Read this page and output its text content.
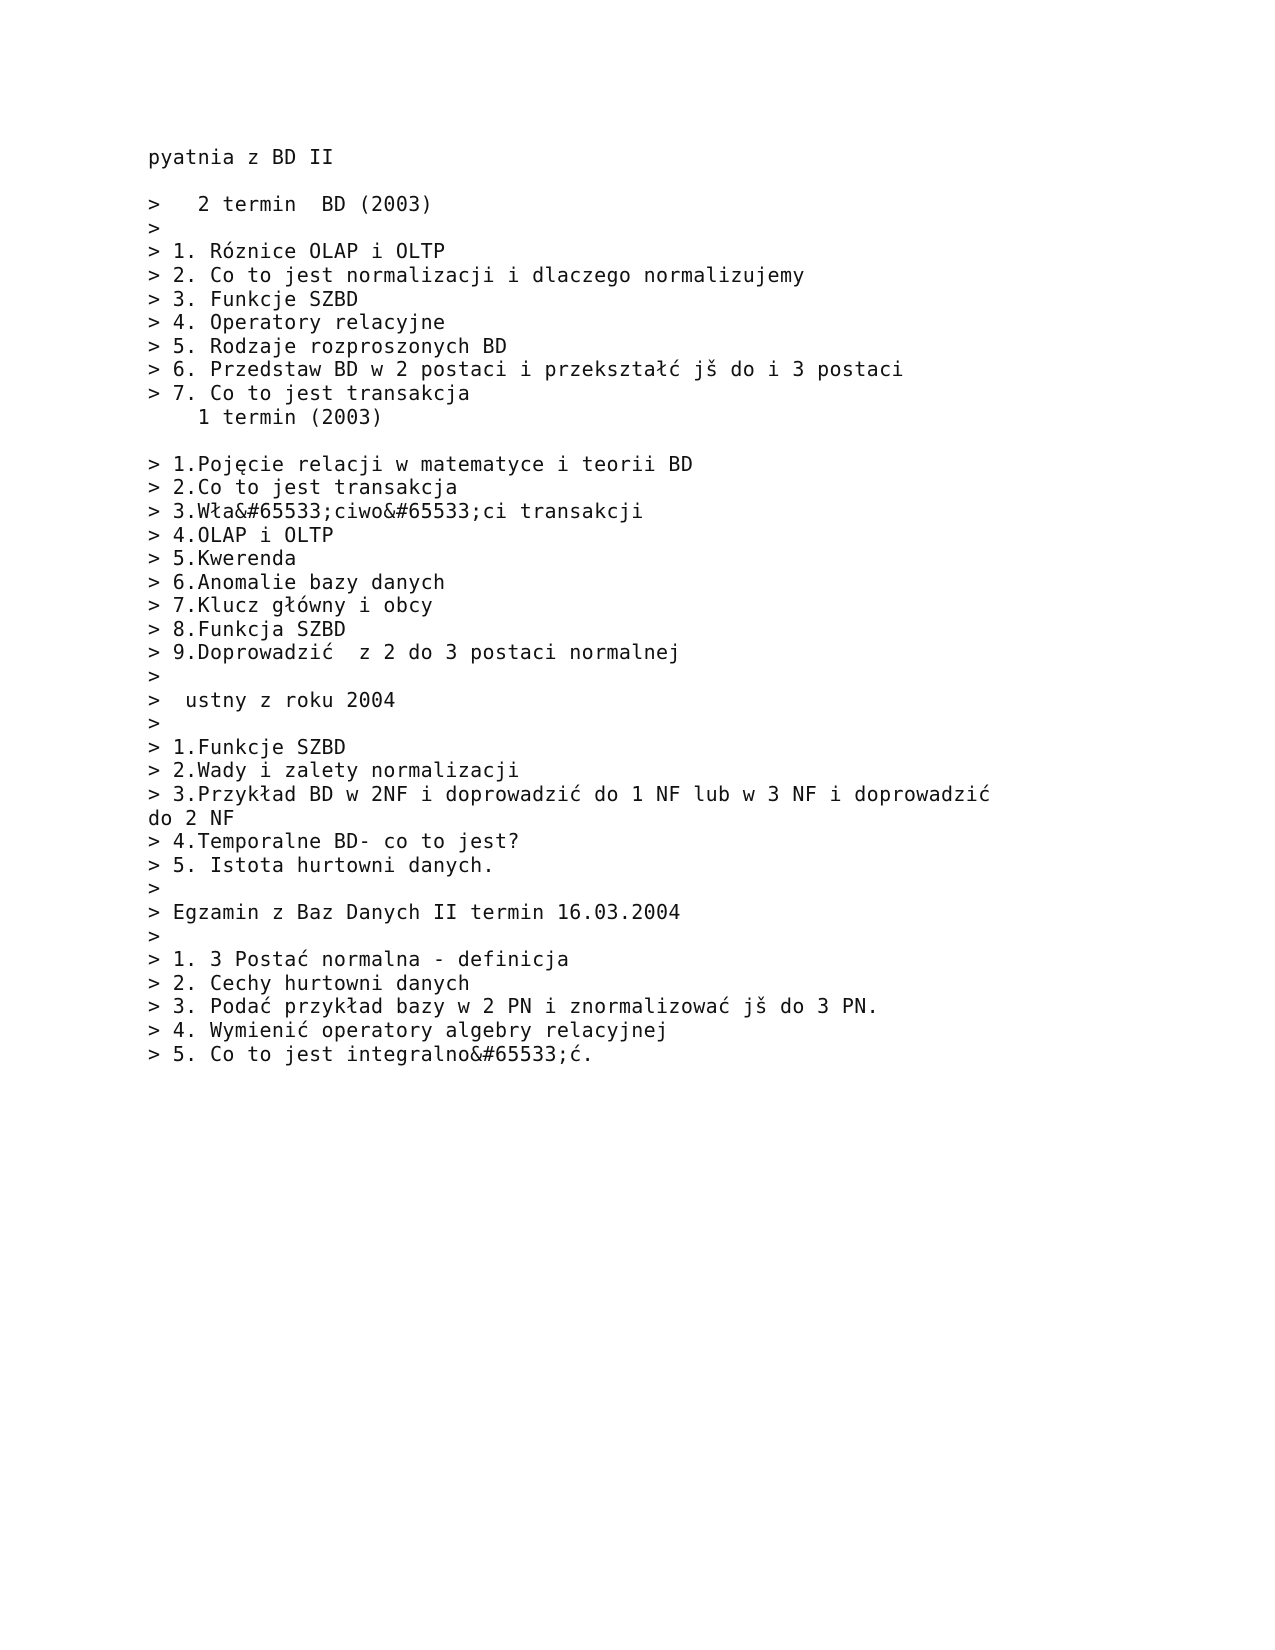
pyatnia z BD II
>   2 termin  BD (2003)
>
> 1. Róznice OLAP i OLTP
> 2. Co to jest normalizacji i dlaczego normalizujemy
> 3. Funkcje SZBD
> 4. Operatory relacyjne
> 5. Rodzaje rozproszonych BD
> 6. Przedstaw BD w 2 postaci i przekształć jš do i 3 postaci
> 7. Co to jest transakcja
1 termin (2003)
> 1.Pojęcie relacji w matematyce i teorii BD
> 2.Co to jest transakcja
> 3.Wła&#65533;ciwo&#65533;ci transakcji
> 4.OLAP i OLTP
> 5.Kwerenda
> 6.Anomalie bazy danych
> 7.Klucz główny i obcy
> 8.Funkcja SZBD
> 9.Doprowadzić  z 2 do 3 postaci normalnej
>
>  ustny z roku 2004
>
> 1.Funkcje SZBD
> 2.Wady i zalety normalizacji
> 3.Przykład BD w 2NF i doprowadzić do 1 NF lub w 3 NF i doprowadzić
do 2 NF
> 4.Temporalne BD- co to jest?
> 5. Istota hurtowni danych.
>
> Egzamin z Baz Danych II termin 16.03.2004
>
> 1. 3 Postać normalna - definicja
> 2. Cechy hurtowni danych
> 3. Podać przykład bazy w 2 PN i znormalizować jš do 3 PN.
> 4. Wymienić operatory algebry relacyjnej
> 5. Co to jest integralno&#65533;ć.
